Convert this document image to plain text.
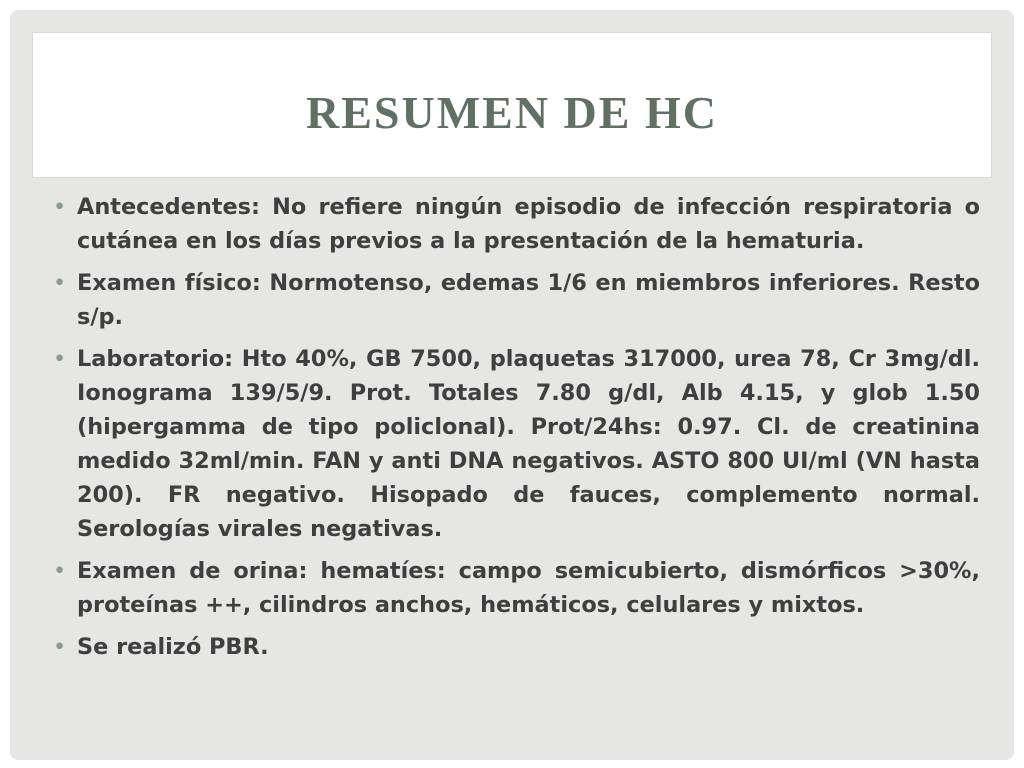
RESUMEN DE HC
• Antecedentes: No refiere ningún episodio de infección respiratoria o cutánea en los días previos a la presentación de la hematuria.
• Examen físico: Normotenso, edemas 1/6 en miembros inferiores. Resto s/p.
• Laboratorio: Hto 40%, GB 7500, plaquetas 317000, urea 78, Cr 3mg/dl. Ionograma 139/5/9. Prot. Totales 7.80 g/dl, Alb 4.15, y glob 1.50 (hipergamma de tipo policlonal). Prot/24hs: 0.97. Cl. de creatinina medido 32ml/min. FAN y anti DNA negativos. ASTO 800 UI/ml (VN hasta 200). FR negativo. Hisopado de fauces, complemento normal. Serologías virales negativas.
• Examen de orina: hematíes: campo semicubierto, dismórficos >30%, proteínas ++, cilindros anchos, hemáticos, celulares y mixtos.
• Se realizó PBR.
